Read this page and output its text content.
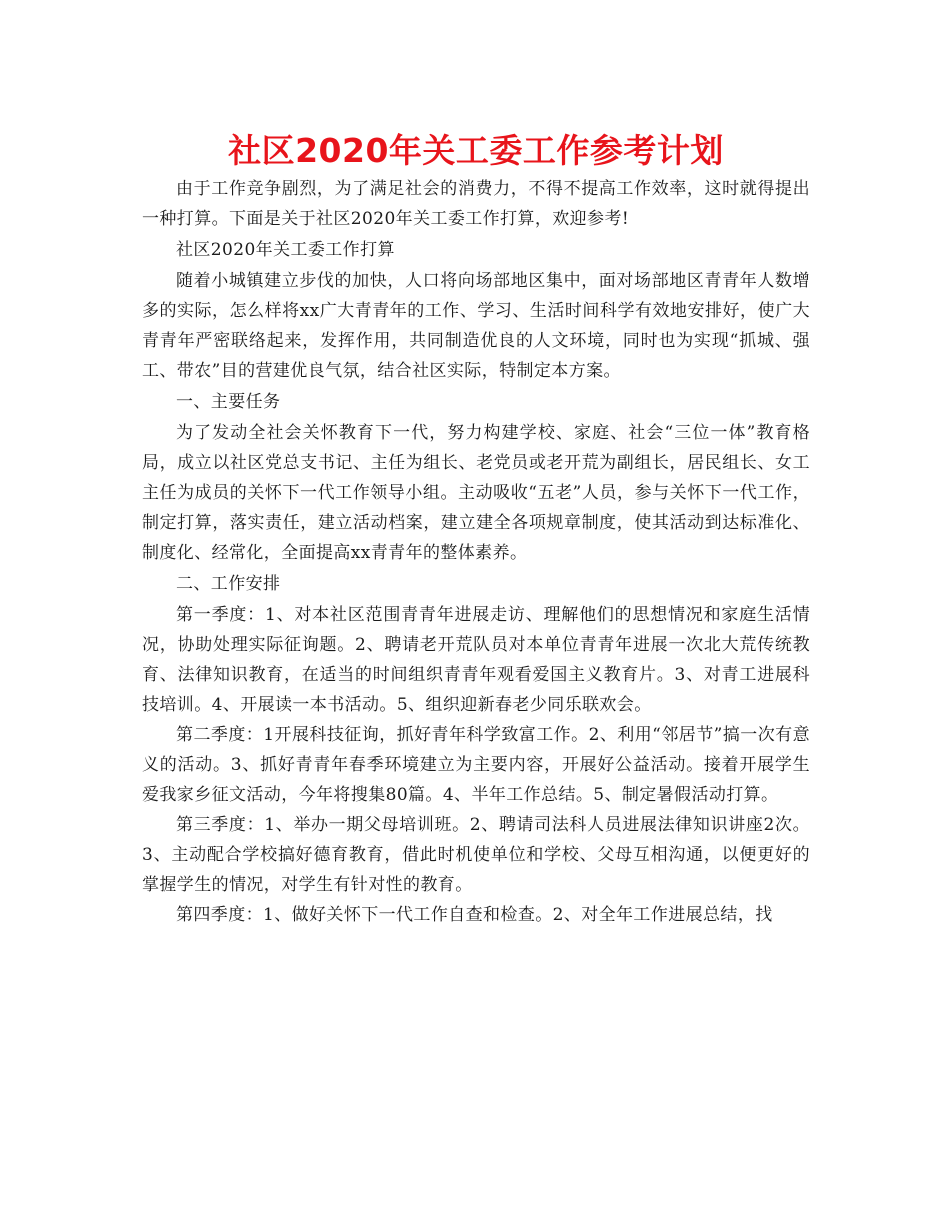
社区2020年关工委工作参考计划

由于工作竞争剧烈，为了满足社会的消费力，不得不提高工作效率，这时就得提出一种打算。下面是关于社区2020年关工委工作打算，欢迎参考!

社区2020年关工委工作打算

随着小城镇建立步伐的加快，人口将向场部地区集中，面对场部地区青青年人数增多的实际，怎么样将xx广大青青年的工作、学习、生活时间科学有效地安排好，使广大青青年严密联络起来，发挥作用，共同制造优良的人文环境，同时也为实现“抓城、强工、带农”目的营建优良气氛，结合社区实际，特制定本方案。

一、主要任务

为了发动全社会关怀教育下一代，努力构建学校、家庭、社会“三位一体”教育格局，成立以社区党总支书记、主任为组长、老党员或老开荒为副组长，居民组长、女工主任为成员的关怀下一代工作领导小组。主动吸收“五老”人员，参与关怀下一代工作，制定打算，落实责任，建立活动档案，建立建全各项规章制度，使其活动到达标准化、制度化、经常化，全面提高xx青青年的整体素养。

二、工作安排

第一季度：1、对本社区范围青青年进展走访、理解他们的思想情况和家庭生活情况，协助处理实际征询题。2、聘请老开荒队员对本单位青青年进展一次北大荒传统教育、法律知识教育，在适当的时间组织青青年观看爱国主义教育片。3、对青工进展科技培训。4、开展读一本书活动。5、组织迎新春老少同乐联欢会。

第二季度：1开展科技征询，抓好青年科学致富工作。2、利用“邻居节”搞一次有意义的活动。3、抓好青青年春季环境建立为主要内容，开展好公益活动。接着开展学生爱我家乡征文活动，今年将搜集80篇。4、半年工作总结。5、制定暑假活动打算。

第三季度：1、举办一期父母培训班。2、聘请司法科人员进展法律知识讲座2次。3、主动配合学校搞好德育教育，借此时机使单位和学校、父母互相沟通，以便更好的掌握学生的情况，对学生有针对性的教育。

第四季度：1、做好关怀下一代工作自查和检查。2、对全年工作进展总结，找
